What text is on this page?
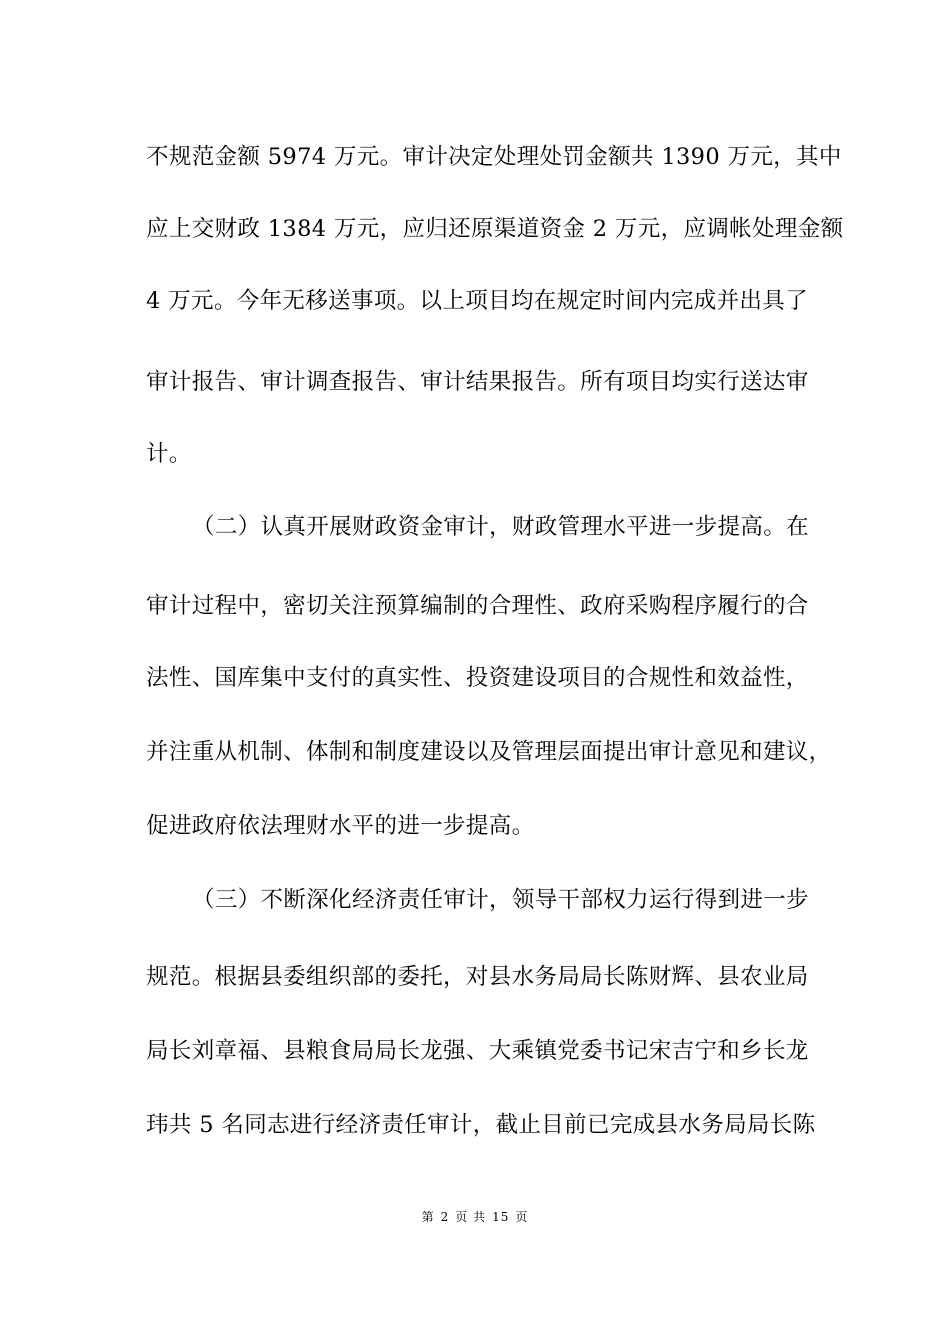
不规范金额 5974 万元。审计决定处理处罚金额共 1390 万元，其中
应上交财政 1384 万元，应归还原渠道资金 2 万元，应调帐处理金额
4 万元。今年无移送事项。以上项目均在规定时间内完成并出具了
审计报告、审计调查报告、审计结果报告。所有项目均实行送达审
计。
（二）认真开展财政资金审计，财政管理水平进一步提高。在
审计过程中，密切关注预算编制的合理性、政府采购程序履行的合
法性、国库集中支付的真实性、投资建设项目的合规性和效益性，
并注重从机制、体制和制度建设以及管理层面提出审计意见和建议，
促进政府依法理财水平的进一步提高。
（三）不断深化经济责任审计，领导干部权力运行得到进一步
规范。根据县委组织部的委托，对县水务局局长陈财辉、县农业局
局长刘章福、县粮食局局长龙强、大乘镇党委书记宋吉宁和乡长龙
玮共 5 名同志进行经济责任审计，截止目前已完成县水务局局长陈
第 2 页 共 15 页
